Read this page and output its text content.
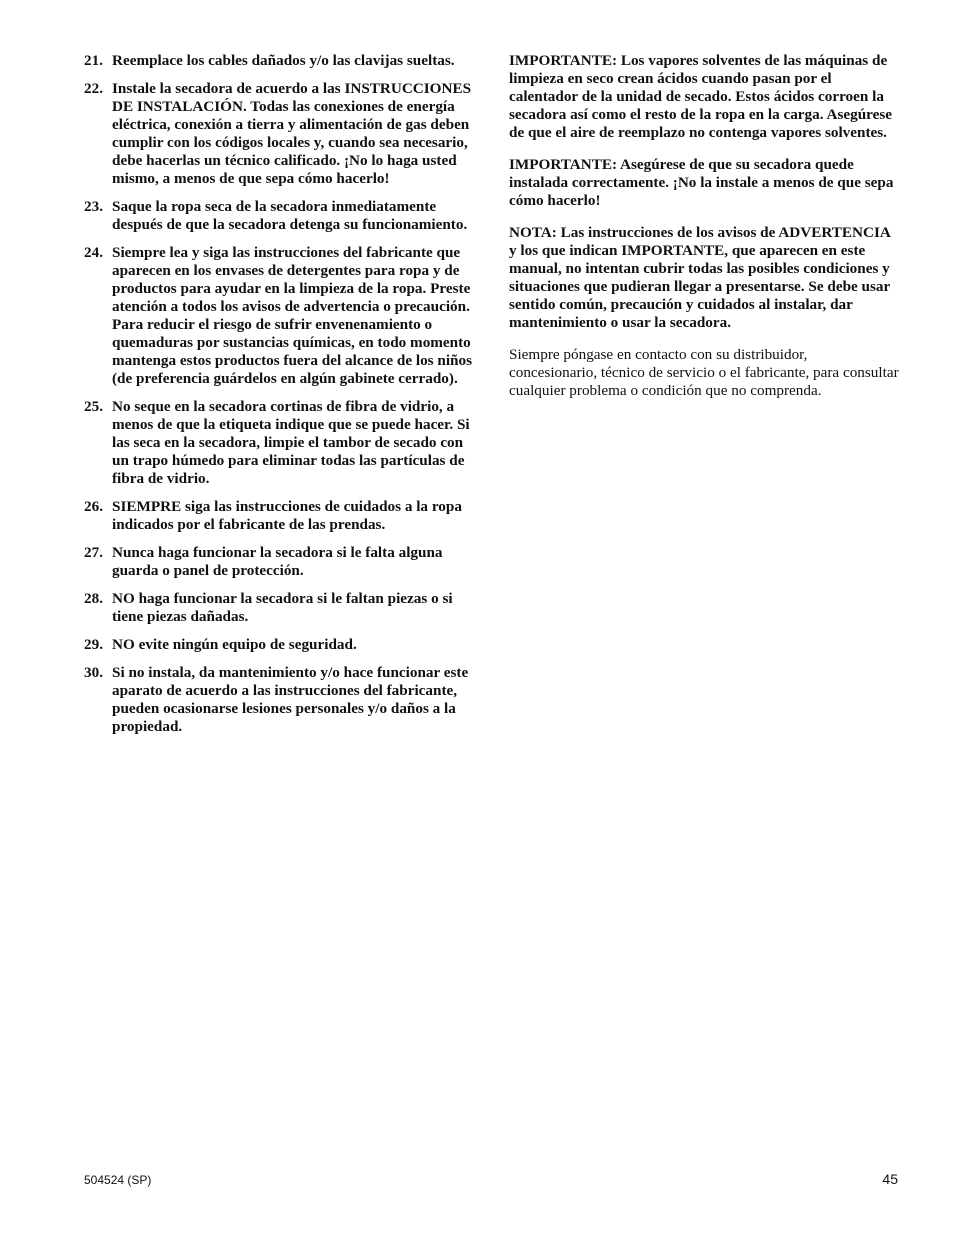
21. Reemplace los cables dañados y/o las clavijas sueltas.
22. Instale la secadora de acuerdo a las INSTRUCCIONES DE INSTALACIÓN. Todas las conexiones de energía eléctrica, conexión a tierra y alimentación de gas deben cumplir con los códigos locales y, cuando sea necesario, debe hacerlas un técnico calificado. ¡No lo haga usted mismo, a menos de que sepa cómo hacerlo!
23. Saque la ropa seca de la secadora inmediatamente después de que la secadora detenga su funcionamiento.
24. Siempre lea y siga las instrucciones del fabricante que aparecen en los envases de detergentes para ropa y de productos para ayudar en la limpieza de la ropa. Preste atención a todos los avisos de advertencia o precaución. Para reducir el riesgo de sufrir envenenamiento o quemaduras por sustancias químicas, en todo momento mantenga estos productos fuera del alcance de los niños (de preferencia guárdelos en algún gabinete cerrado).
25. No seque en la secadora cortinas de fibra de vidrio, a menos de que la etiqueta indique que se puede hacer. Si las seca en la secadora, limpie el tambor de secado con un trapo húmedo para eliminar todas las partículas de fibra de vidrio.
26. SIEMPRE siga las instrucciones de cuidados a la ropa indicados por el fabricante de las prendas.
27. Nunca haga funcionar la secadora si le falta alguna guarda o panel de protección.
28. NO haga funcionar la secadora si le faltan piezas o si tiene piezas dañadas.
29. NO evite ningún equipo de seguridad.
30. Si no instala, da mantenimiento y/o hace funcionar este aparato de acuerdo a las instrucciones del fabricante, pueden ocasionarse lesiones personales y/o daños a la propiedad.

IMPORTANTE: Los vapores solventes de las máquinas de limpieza en seco crean ácidos cuando pasan por el calentador de la unidad de secado. Estos ácidos corroen la secadora así como el resto de la ropa en la carga. Asegúrese de que el aire de reemplazo no contenga vapores solventes.

IMPORTANTE: Asegúrese de que su secadora quede instalada correctamente. ¡No la instale a menos de que sepa cómo hacerlo!

NOTA: Las instrucciones de los avisos de ADVERTENCIA y los que indican IMPORTANTE, que aparecen en este manual, no intentan cubrir todas las posibles condiciones y situaciones que pudieran llegar a presentarse. Se debe usar sentido común, precaución y cuidados al instalar, dar mantenimiento o usar la secadora.

Siempre póngase en contacto con su distribuidor, concesionario, técnico de servicio o el fabricante, para consultar cualquier problema o condición que no comprenda.

504524 (SP)	45
